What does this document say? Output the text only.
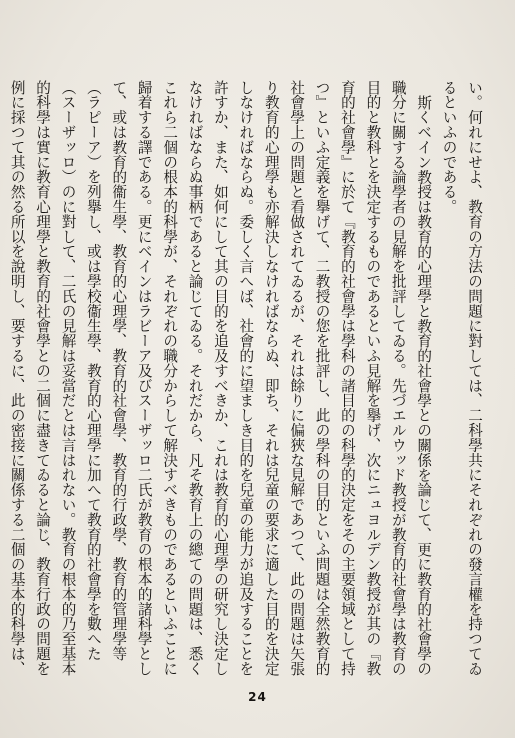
い。何れにせよ、教育の方法の問題に對しては、二科學共にそれぞれの發言權を持つてゐるといふのである。

斯くベイン教授は教育的心理學と教育的社會學との關係を論じて、更に教育的社會學の職分に關する論學者の見解を批評してゐる。先づエルウッド教授が教育的社會學は教育の目的と教科とを決定するものであるといふ見解を擧げ、次にニュヨルデン教授が其の『教育的社會學』に於て『教育的社會學は學科の諸目的の科學的決定をその主要領域として持つ』といふ定義を擧げて、二教授の您を批評し、此の學科の目的といふ問題は全然教育的社會學上の問題と看做されてゐるが、それは餘りに偏狹な見解であつて、此の問題は矢張り教育的心理學も亦解決しなければならぬ、即ち、それは兒童の要求に適した目的を決定しなければならぬ。委しく言へば、社會的に望ましき目的を兒童の能力が追及することを許すか、また、如何にして其の目的を追及すべきか、これは教育的心理學の研究し決定しなければならぬ事柄であると論じてゐる。それだから、凡そ教育上の總ての問題は、悉くこれら二個の根本的科學が、それぞれの職分からして解決すべきものであるといふことに歸着する譯である。更にベインはラビーア及びスーザッロ二氏が教育の根本的諸科學として、或は教育的衞生學、教育的心理學、教育的社會學、教育的行政學、教育的管理學等（ラピーア）を列擧し、或は學校衞生學、教育的心理學に加へて教育的社會學を數へた（スーザッロ）のに對して、二氏の見解は妥當だとは言はれない。教育の根本的乃至基本的科學は實に教育心理學と教育的社會學との二個に盡きてゐると論じ、教育行政の問題を例に採つて其の然る所以を說明し、要するに、此の密接に關係する二個の基本的科學は、

24
